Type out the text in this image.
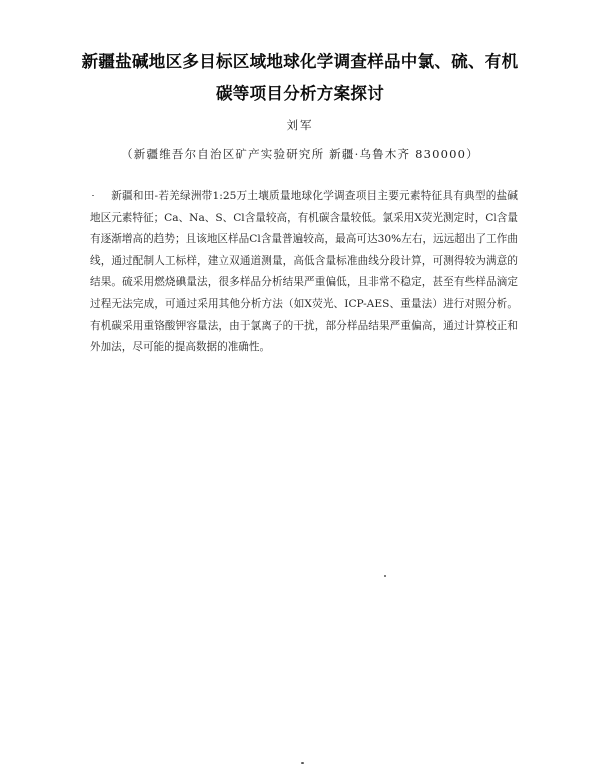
新疆盐碱地区多目标区域地球化学调查样品中氯、硫、有机
碳等项目分析方案探讨
刘军
（新疆维吾尔自治区矿产实验研究所 新疆·乌鲁木齐 830000）

新疆和田-若羌绿洲带1:25万土壤质量地球化学调查项目主要元素特征具有典型的盐碱地区元素特征；Ca、Na、S、Cl含量较高，有机碳含量较低。氯采用X荧光测定时，Cl含量有逐渐增高的趋势；且该地区样品Cl含量普遍较高，最高可达30%左右，远远超出了工作曲线，通过配制人工标样，建立双通道测量，高低含量标准曲线分段计算，可测得较为满意的结果。硫采用燃烧碘量法，很多样品分析结果严重偏低，且非常不稳定，甚至有些样品滴定过程无法完成，可通过采用其他分析方法（如X荧光、ICP-AES、重量法）进行对照分析。有机碳采用重铬酸钾容量法，由于氯离子的干扰，部分样品结果严重偏高，通过计算校正和外加法，尽可能的提高数据的准确性。
